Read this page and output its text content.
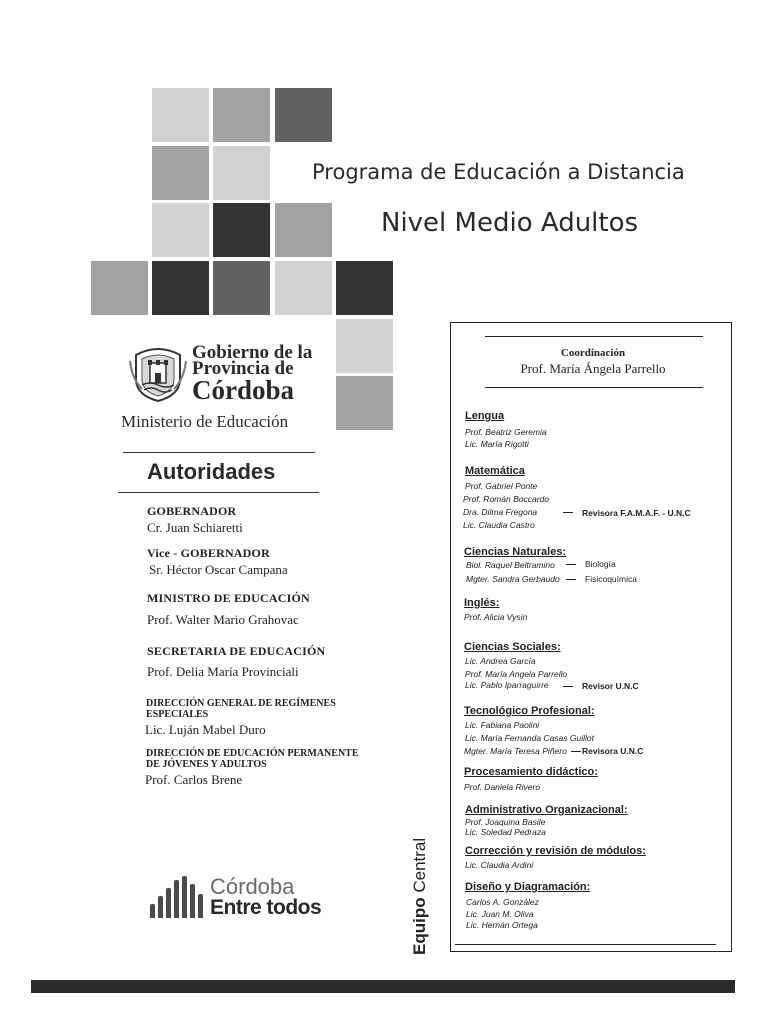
Programa de Educación a Distancia
Nivel Medio Adultos
Gobierno de la
Provincia de
Córdoba
Ministerio de Educación
Autoridades
GOBERNADOR
Cr. Juan Schiaretti
Vice - GOBERNADOR
Sr. Héctor Oscar Campana
MINISTRO DE EDUCACIÓN
Prof. Walter Mario Grahovac
SECRETARIA DE EDUCACIÓN
Prof. Delia María Provinciali
DIRECCIÓN GENERAL DE REGÍMENES ESPECIALES
Lic. Luján Mabel Duro
DIRECCIÓN DE EDUCACIÓN PERMANENTE DE JÓVENES Y ADULTOS
Prof. Carlos Brene
Córdoba
Entre todos
Coordinación
Prof. María Ángela Parrello
Lengua
Prof. Beatriz Geremia
Lic. María Rigotti
Matemática
Prof. Gabriel Ponte
Prof. Román Boccardo
Dra. Dilma Fregona	Revisora F.A.M.A.F. - U.N.C
Lic. Claudia Castro
Ciencias Naturales:
Biol. Raquel Beltramino	Biología
Mgter. Sandra Gerbaudo	Fisicoquímica
Inglés:
Prof. Alicia Vysin
Ciencias Sociales:
Lic. Andrea García
Prof. María Angela Parrello
Lic. Pablo Iparraguirre	Revisor U.N.C
Tecnológico Profesional:
Lic. Fabiana Paolini
Lic. María Fernanda Casas Guillot
Mgter. María Teresa Piñero Revisora U.N.C
Procesamiento didáctico:
Prof. Daniela Rivero
Administrativo Organizacional:
Prof. Joaquina Basile
Lic. Soledad Pedraza
Corrección y revisión de módulos:
Lic. Claudia Ardini
Diseño y Diagramación:
Carlos A. González
Lic. Juan M. Oliva
Lic. Hernán Ortega
Equipo Central
